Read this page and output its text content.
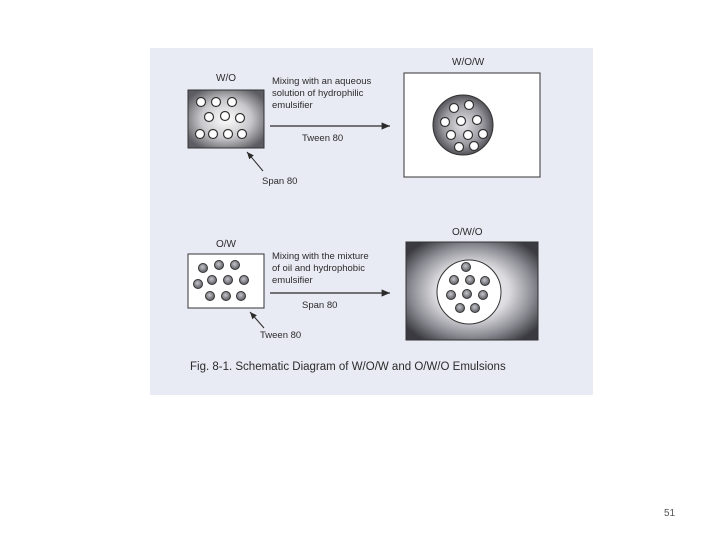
W/O	Mixing with an aqueous
solution of hydrophilic
emulsifier
Tween 80
Span 80
W/O/W
O/W
Mixing with the mixture
of oil and hydrophobic
emulsifier
Span 80
Tween 80
O/W/O
Fig. 8-1. Schematic Diagram of W/O/W and O/W/O Emulsions
51
